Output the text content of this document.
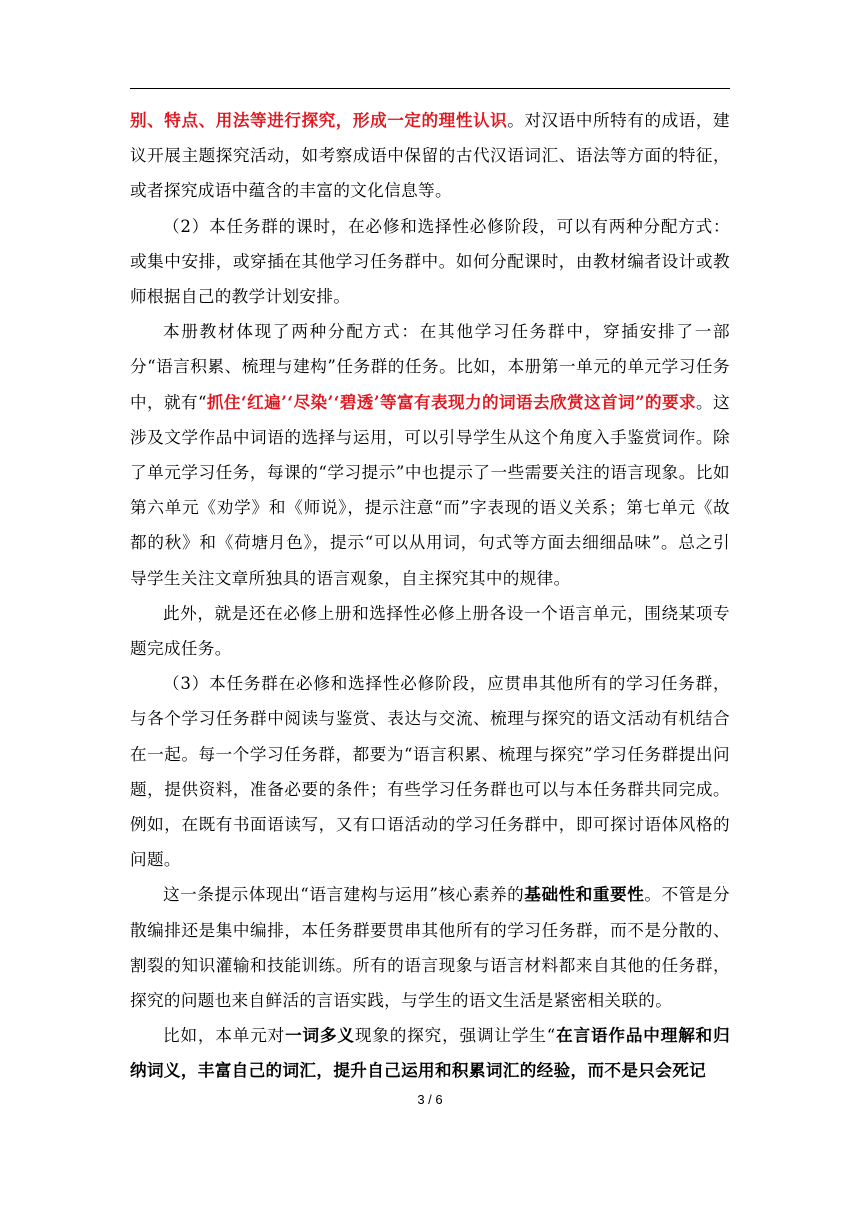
别、特点、用法等进行探究，形成一定的理性认识。对汉语中所特有的成语，建议开展主题探究活动，如考察成语中保留的古代汉语词汇、语法等方面的特征，或者探究成语中蕴含的丰富的文化信息等。

（2）本任务群的课时，在必修和选择性必修阶段，可以有两种分配方式：或集中安排，或穿插在其他学习任务群中。如何分配课时，由教材编者设计或教师根据自己的教学计划安排。

本册教材体现了两种分配方式：在其他学习任务群中，穿插安排了一部分“语言积累、梳理与建构”任务群的任务。比如，本册第一单元的单元学习任务中，就有“抓住‘红遍’‘尽染’‘碧透’等富有表现力的词语去欣赏这首词”的要求。这涉及文学作品中词语的选择与运用，可以引导学生从这个角度入手鉴赏词作。除了单元学习任务，每课的“学习提示”中也提示了一些需要关注的语言现象。比如第六单元《劝学》和《师说》，提示注意“而”字表现的语义关系；第七单元《故都的秋》和《荷塘月色》，提示“可以从用词，句式等方面去细细品味”。总之引导学生关注文章所独具的语言观象，自主探究其中的规律。

此外，就是还在必修上册和选择性必修上册各设一个语言单元，围绕某项专题完成任务。

（3）本任务群在必修和选择性必修阶段，应贯串其他所有的学习任务群，与各个学习任务群中阅读与鉴赏、表达与交流、梳理与探究的语文活动有机结合在一起。每一个学习任务群，都要为“语言积累、梳理与探究”学习任务群提出问题，提供资料，准备必要的条件；有些学习任务群也可以与本任务群共同完成。例如，在既有书面语读写，又有口语活动的学习任务群中，即可探讨语体风格的问题。

这一条提示体现出“语言建构与运用”核心素养的基础性和重要性。不管是分散编排还是集中编排，本任务群要贯串其他所有的学习任务群，而不是分散的、割裂的知识灌输和技能训练。所有的语言现象与语言材料都来自其他的任务群，探究的问题也来自鲜活的言语实践，与学生的语文生活是紧密相关联的。

比如，本单元对一词多义现象的探究，强调让学生“在言语作品中理解和归纳词义，丰富自己的词汇，提升自己运用和积累词汇的经验，而不是只会死记

3 / 6
